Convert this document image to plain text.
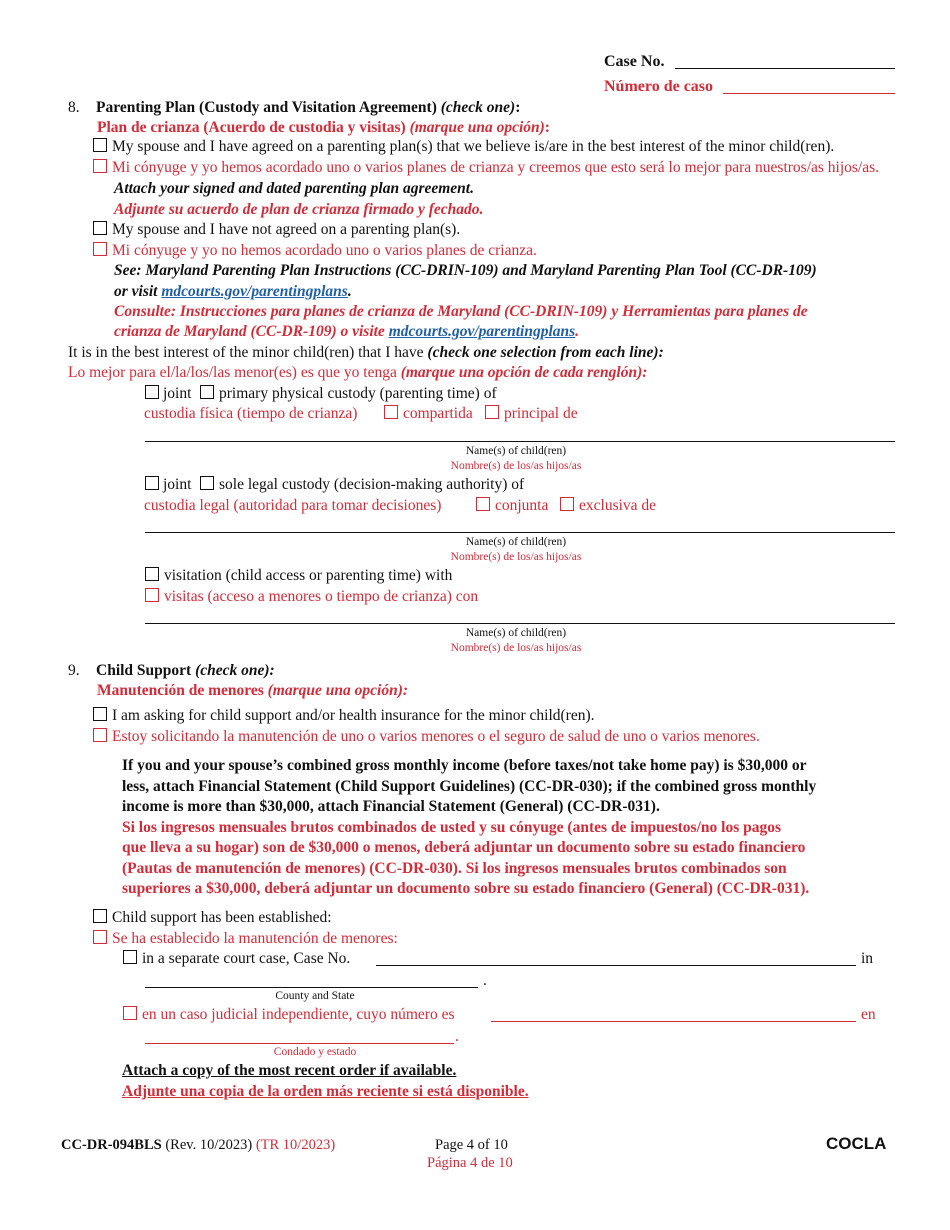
Case No.
Número de caso
8. Parenting Plan (Custody and Visitation Agreement) (check one):
Plan de crianza (Acuerdo de custodia y visitas) (marque una opción):
My spouse and I have agreed on a parenting plan(s) that we believe is/are in the best interest of the minor child(ren).
Mi cónyuge y yo hemos acordado uno o varios planes de crianza y creemos que esto será lo mejor para nuestros/as hijos/as.
Attach your signed and dated parenting plan agreement.
Adjunte su acuerdo de plan de crianza firmado y fechado.
My spouse and I have not agreed on a parenting plan(s).
Mi cónyuge y yo no hemos acordado uno o varios planes de crianza.
See: Maryland Parenting Plan Instructions (CC-DRIN-109) and Maryland Parenting Plan Tool (CC-DR-109)
or visit mdcourts.gov/parentingplans.
Consulte: Instrucciones para planes de crianza de Maryland (CC-DRIN-109) y Herramientas para planes de
crianza de Maryland (CC-DR-109) o visite mdcourts.gov/parentingplans.
It is in the best interest of the minor child(ren) that I have (check one selection from each line):
Lo mejor para el/la/los/las menor(es) es que yo tenga (marque una opción de cada renglón):
joint primary physical custody (parenting time) of
custodia física (tiempo de crianza)	compartida principal de
Name(s) of child(ren)
Nombre(s) de los/as hijos/as
joint sole legal custody (decision-making authority) of
custodia legal (autoridad para tomar decisiones)	conjunta exclusiva de
Name(s) of child(ren)
Nombre(s) de los/as hijos/as
visitation (child access or parenting time) with
visitas (acceso a menores o tiempo de crianza) con
Name(s) of child(ren)
Nombre(s) de los/as hijos/as
9. Child Support (check one):
Manutención de menores (marque una opción):
I am asking for child support and/or health insurance for the minor child(ren).
Estoy solicitando la manutención de uno o varios menores o el seguro de salud de uno o varios menores.
If you and your spouse’s combined gross monthly income (before taxes/not take home pay) is $30,000 or
less, attach Financial Statement (Child Support Guidelines) (CC-DR-030); if the combined gross monthly
income is more than $30,000, attach Financial Statement (General) (CC-DR-031).
Si los ingresos mensuales brutos combinados de usted y su cónyuge (antes de impuestos/no los pagos
que lleva a su hogar) son de $30,000 o menos, deberá adjuntar un documento sobre su estado financiero
(Pautas de manutención de menores) (CC-DR-030). Si los ingresos mensuales brutos combinados son
superiores a $30,000, deberá adjuntar un documento sobre su estado financiero (General) (CC-DR-031).
Child support has been established:
Se ha establecido la manutención de menores:
in a separate court case, Case No.	in
.
County and State
en un caso judicial independiente, cuyo número es	en
.
Condado y estado
Attach a copy of the most recent order if available.
Adjunte una copia de la orden más reciente si está disponible.
CC-DR-094BLS (Rev. 10/2023) (TR 10/2023)	Page 4 of 10
Página 4 de 10
COCLA
